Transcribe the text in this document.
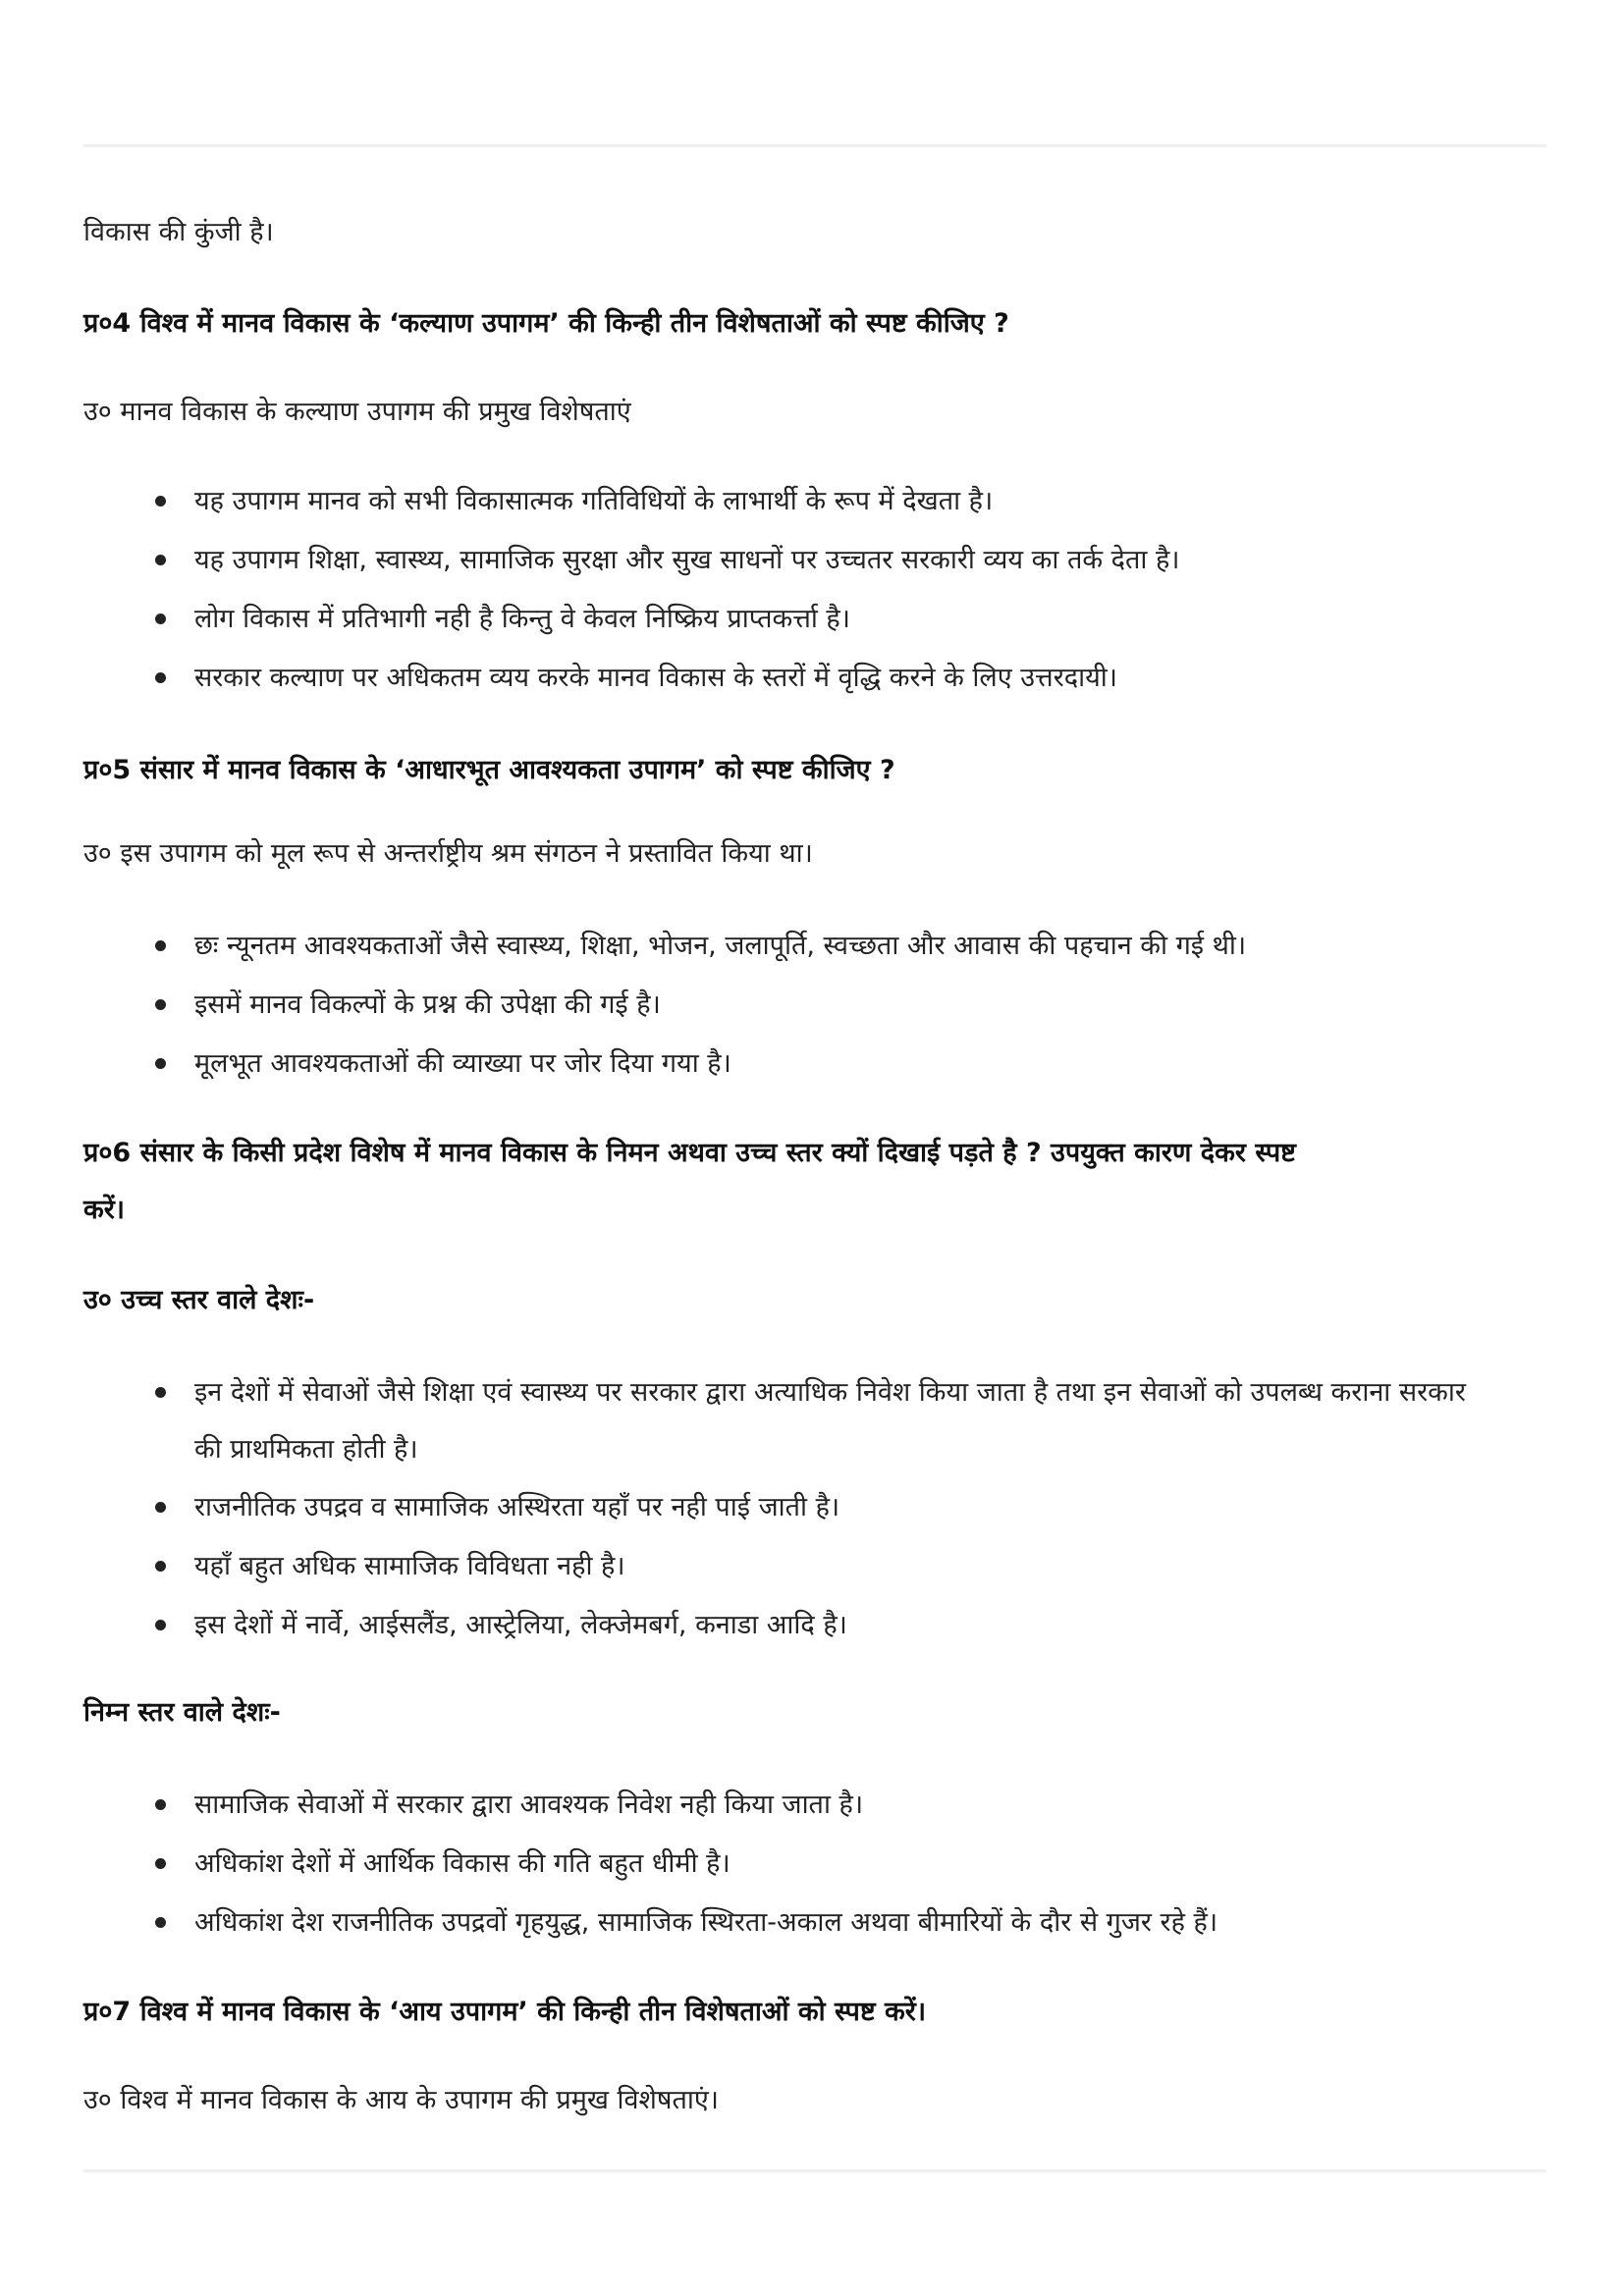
विकास की कुंजी है।
प्र०4 विश्व में मानव विकास के ‘कल्याण उपागम’ की किन्ही तीन विशेषताओं को स्पष्ट कीजिए ?
उ० मानव विकास के कल्याण उपागम की प्रमुख विशेषताएं
यह उपागम मानव को सभी विकासात्मक गतिविधियों के लाभार्थी के रूप में देखता है।
यह उपागम शिक्षा, स्वास्थ्य, सामाजिक सुरक्षा और सुख साधनों पर उच्चतर सरकारी व्यय का तर्क देता है।
लोग विकास में प्रतिभागी नही है किन्तु वे केवल निष्क्रिय प्राप्तकर्त्ता है।
सरकार कल्याण पर अधिकतम व्यय करके मानव विकास के स्तरों में वृद्धि करने के लिए उत्तरदायी।
प्र०5 संसार में मानव विकास के ‘आधारभूत आवश्यकता उपागम’ को स्पष्ट कीजिए ?
उ० इस उपागम को मूल रूप से अन्तर्राष्ट्रीय श्रम संगठन ने प्रस्तावित किया था।
छः न्यूनतम आवश्यकताओं जैसे स्वास्थ्य, शिक्षा, भोजन, जलापूर्ति, स्वच्छता और आवास की पहचान की गई थी।
इसमें मानव विकल्पों के प्रश्न की उपेक्षा की गई है।
मूलभूत आवश्यकताओं की व्याख्या पर जोर दिया गया है।
प्र०6 संसार के किसी प्रदेश विशेष में मानव विकास के निमन अथवा उच्च स्तर क्यों दिखाई पड़ते है ? उपयुक्त कारण देकर स्पष्ट
करें।
उ० उच्च स्तर वाले देशः-
इन देशों में सेवाओं जैसे शिक्षा एवं स्वास्थ्य पर सरकार द्वारा अत्याधिक निवेश किया जाता है तथा इन सेवाओं को उपलब्ध कराना सरकार की प्राथमिकता होती है।
राजनीतिक उपद्रव व सामाजिक अस्थिरता यहाँ पर नही पाई जाती है।
यहाँ बहुत अधिक सामाजिक विविधता नही है।
इस देशों में नार्वे, आईसलैंड, आस्ट्रेलिया, लेक्जेमबर्ग, कनाडा आदि है।
निम्न स्तर वाले देशः-
सामाजिक सेवाओं में सरकार द्वारा आवश्यक निवेश नही किया जाता है।
अधिकांश देशों में आर्थिक विकास की गति बहुत धीमी है।
अधिकांश देश राजनीतिक उपद्रवों गृहयुद्ध, सामाजिक स्थिरता-अकाल अथवा बीमारियों के दौर से गुजर रहे हैं।
प्र०7 विश्व में मानव विकास के ‘आय उपागम’ की किन्ही तीन विशेषताओं को स्पष्ट करें।
उ० विश्व में मानव विकास के आय के उपागम की प्रमुख विशेषताएं।
